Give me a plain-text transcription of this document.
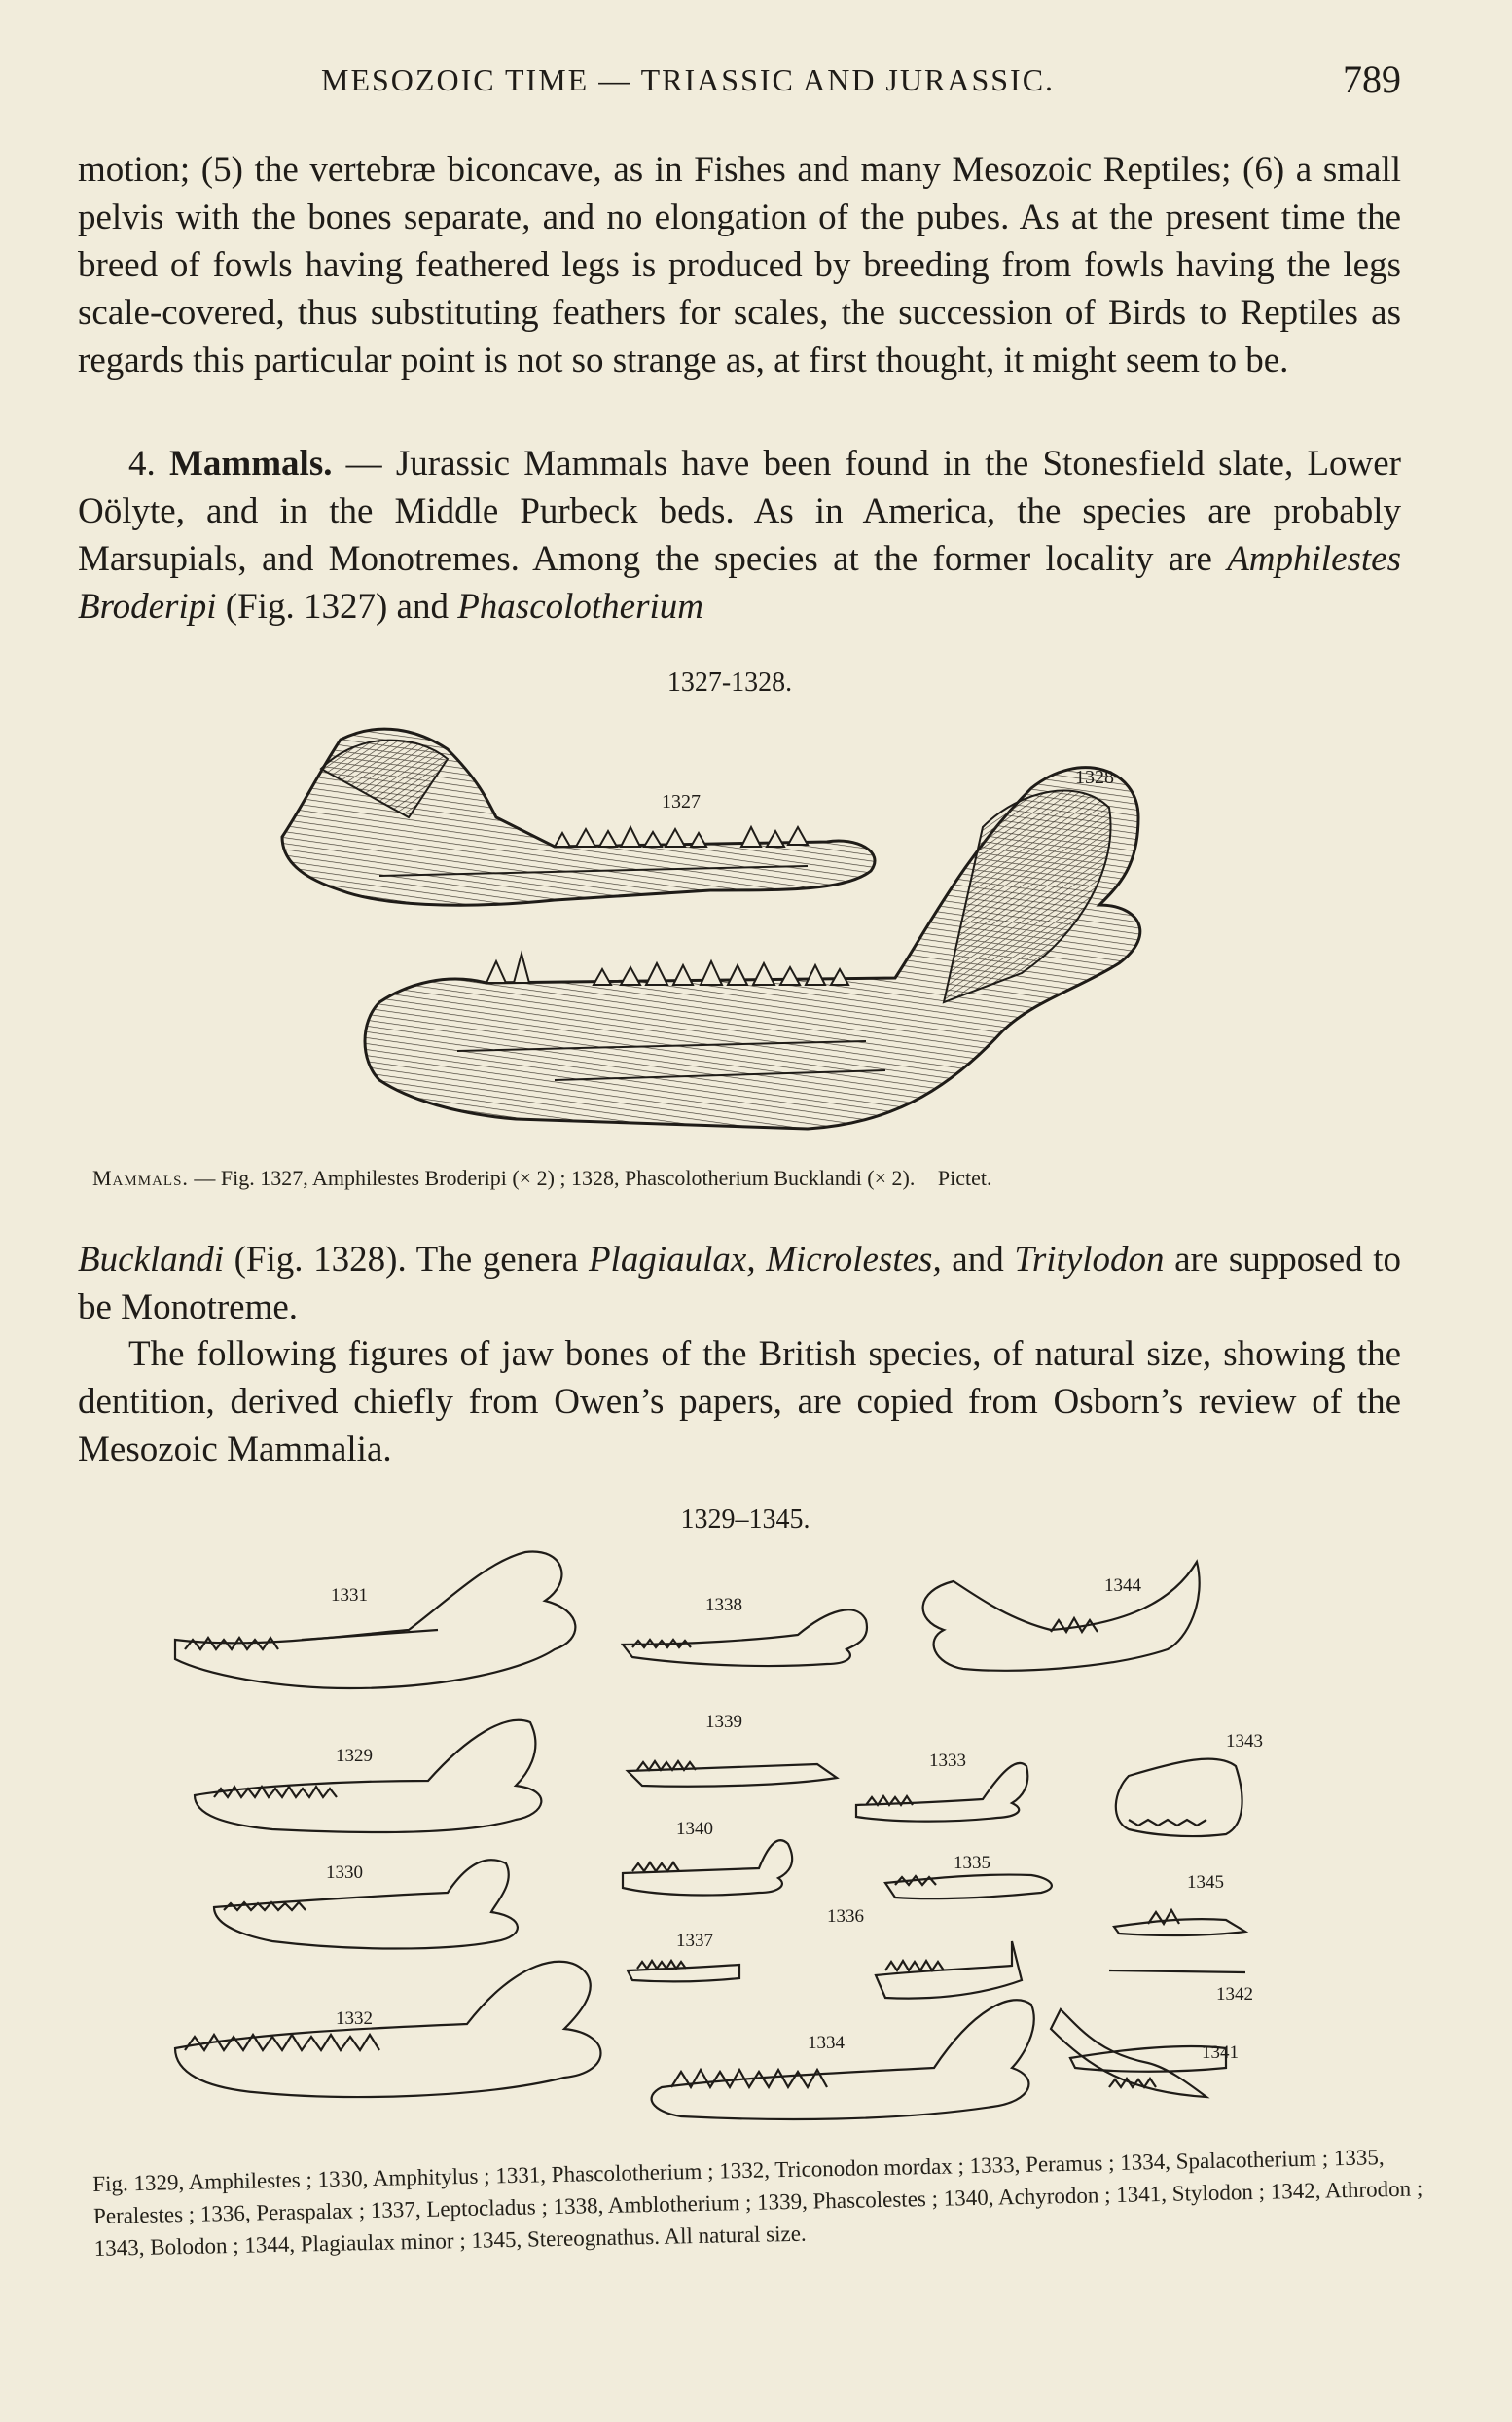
MESOZOIC TIME — TRIASSIC AND JURASSIC.	789

motion; (5) the vertebræ biconcave, as in Fishes and many Mesozoic Reptiles; (6) a small pelvis with the bones separate, and no elongation of the pubes. As at the present time the breed of fowls having feathered legs is produced by breeding from fowls having the legs scale-covered, thus substituting feathers for scales, the succession of Birds to Reptiles as regards this particular point is not so strange as, at first thought, it might seem to be.

4. Mammals. — Jurassic Mammals have been found in the Stonesfield slate, Lower Oölyte, and in the Middle Purbeck beds. As in America, the species are probably Marsupials, and Monotremes. Among the species at the former locality are Amphilestes Broderipi (Fig. 1327) and Phascolotherium

1327-1328.
1327
1328
Mammals. — Fig. 1327, Amphilestes Broderipi (× 2) ; 1328, Phascolotherium Bucklandi (× 2). Pictet.

Bucklandi (Fig. 1328). The genera Plagiaulax, Microlestes, and Tritylodon are supposed to be Monotreme.

The following figures of jaw bones of the British species, of natural size, showing the dentition, derived chiefly from Owen’s papers, are copied from Osborn’s review of the Mesozoic Mammalia.

1329–1345.
1331
1329
1330
1332
1338
1339
1340
1337
1344
1333
1343
1335
1336
1345
1334
1342
1341
Fig. 1329, Amphilestes ; 1330, Amphitylus ; 1331, Phascolotherium ; 1332, Triconodon mordax ; 1333, Peramus ; 1334, Spalacotherium ; 1335, Peralestes ; 1336, Peraspalax ; 1337, Leptocladus ; 1338, Amblotherium ; 1339, Phascolestes ; 1340, Achyrodon ; 1341, Stylodon ; 1342, Athrodon ; 1343, Bolodon ; 1344, Plagiaulax minor ; 1345, Stereognathus. All natural size.
